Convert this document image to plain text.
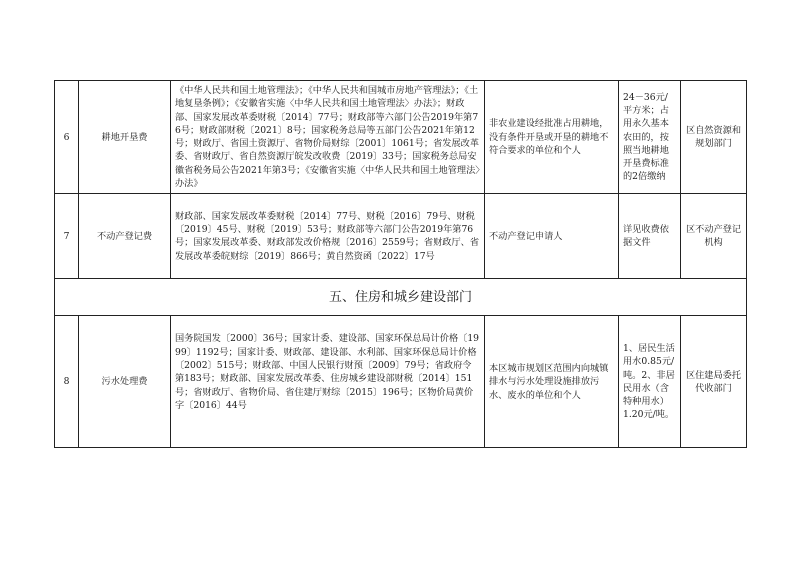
6	耕地开垦费	《中华人民共和国土地管理法》；《中华人民共和国城市房地产管理法》；《土地复垦条例》；《安徽省实施〈中华人民共和国土地管理法〉办法》；财政部、国家发展改革委财税〔2014〕77号；财政部等六部门公告2019年第76号；财政部财税〔2021〕8号；国家税务总局等五部门公告2021年第12号；财政厅、省国土资源厅、省物价局财综〔2001〕1061号；省发展改革委、省财政厅、省自然资源厅皖发改收费〔2019〕33号；国家税务总局安徽省税务局公告2021年第3号；《安徽省实施〈中华人民共和国土地管理法〉办法》	非农业建设经批准占用耕地，没有条件开垦或开垦的耕地不符合要求的单位和个人	24－36元/平方米；占用永久基本农田的，按照当地耕地开垦费标准的2倍缴纳	区自然资源和规划部门
7	不动产登记费	财政部、国家发展改革委财税〔2014〕77号、财税〔2016〕79号、财税〔2019〕45号、财税〔2019〕53号；财政部等六部门公告2019年第76号；国家发展改革委、财政部发改价格规〔2016〕2559号；省财政厅、省发展改革委皖财综〔2019〕866号；黄自然资函〔2022〕17号	不动产登记申请人	详见收费依据文件	区不动产登记机构
五、住房和城乡建设部门					
8	污水处理费	国务院国发〔2000〕36号；国家计委、建设部、国家环保总局计价格〔1999〕1192号；国家计委、财政部、建设部、水利部、国家环保总局计价格〔2002〕515号；财政部、中国人民银行财预〔2009〕79号；省政府令第183号；财政部、国家发展改革委、住房城乡建设部财税〔2014〕151号；省财政厅、省物价局、省住建厅财综〔2015〕196号；区物价局黄价字〔2016〕44号	本区城市规划区范围内向城镇排水与污水处理设施排放污水、废水的单位和个人	1、居民生活用水0.85元/吨。2、非居民用水（含特种用水）1.20元/吨。	区住建局委托代收部门
